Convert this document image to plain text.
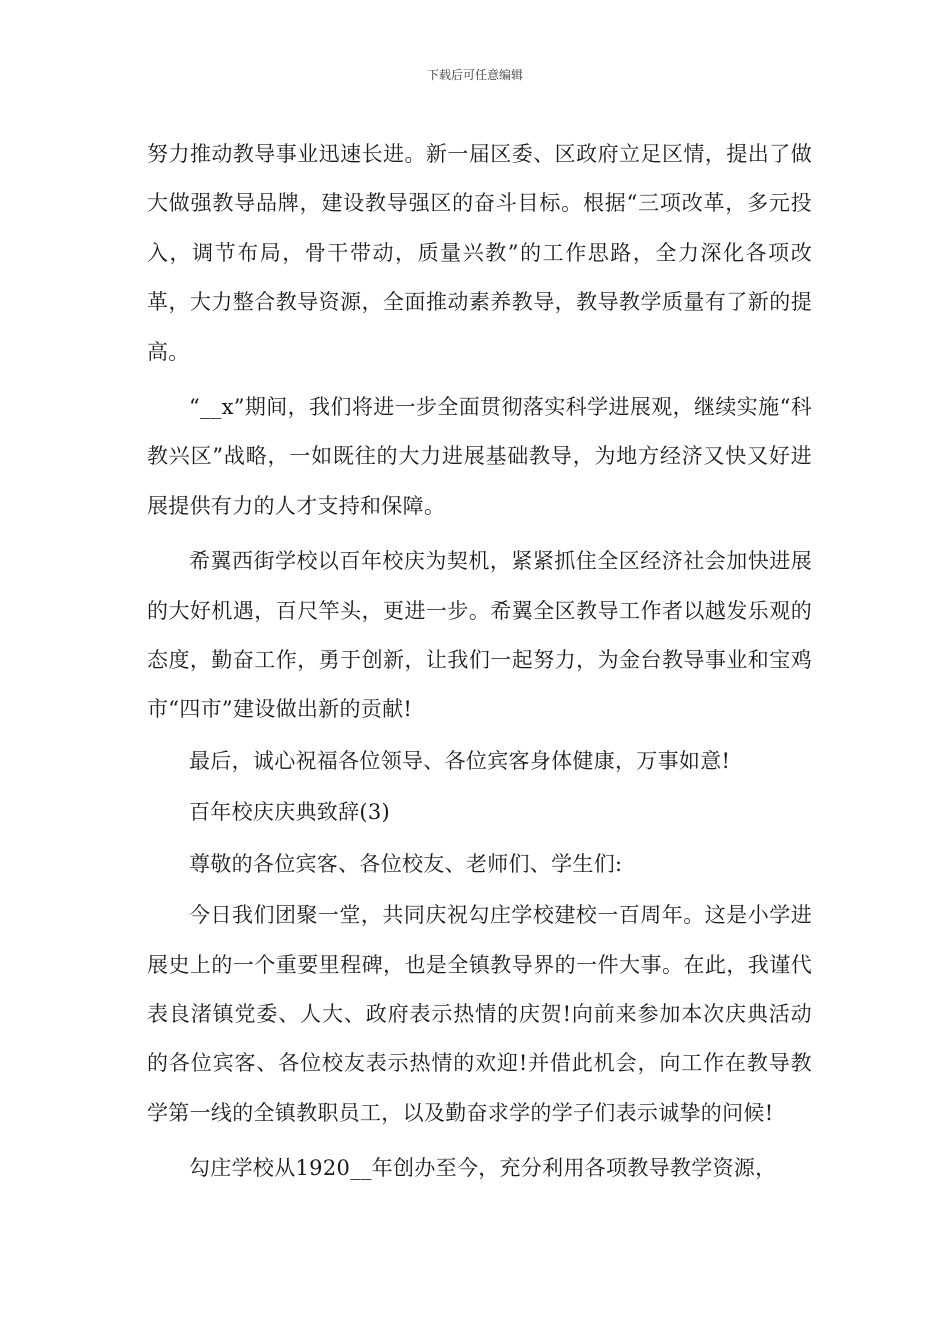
下载后可任意编辑

努力推动教导事业迅速长进。新一届区委、区政府立足区情，提出了做大做强教导品牌，建设教导强区的奋斗目标。根据“三项改革，多元投入，调节布局，骨干带动，质量兴教”的工作思路，全力深化各项改革，大力整合教导资源，全面推动素养教导，教导教学质量有了新的提高。

“__x”期间，我们将进一步全面贯彻落实科学进展观，继续实施“科教兴区”战略，一如既往的大力进展基础教导，为地方经济又快又好进展提供有力的人才支持和保障。

希翼西街学校以百年校庆为契机，紧紧抓住全区经济社会加快进展的大好机遇，百尺竿头，更进一步。希翼全区教导工作者以越发乐观的态度，勤奋工作，勇于创新，让我们一起努力，为金台教导事业和宝鸡市“四市”建设做出新的贡献!

最后，诚心祝福各位领导、各位宾客身体健康，万事如意!

百年校庆庆典致辞(3)

尊敬的各位宾客、各位校友、老师们、学生们:

今日我们团聚一堂，共同庆祝勾庄学校建校一百周年。这是小学进展史上的一个重要里程碑，也是全镇教导界的一件大事。在此，我谨代表良渚镇党委、人大、政府表示热情的庆贺!向前来参加本次庆典活动的各位宾客、各位校友表示热情的欢迎!并借此机会，向工作在教导教学第一线的全镇教职员工，以及勤奋求学的学子们表示诚挚的问候!

勾庄学校从1920__年创办至今，充分利用各项教导教学资源，
